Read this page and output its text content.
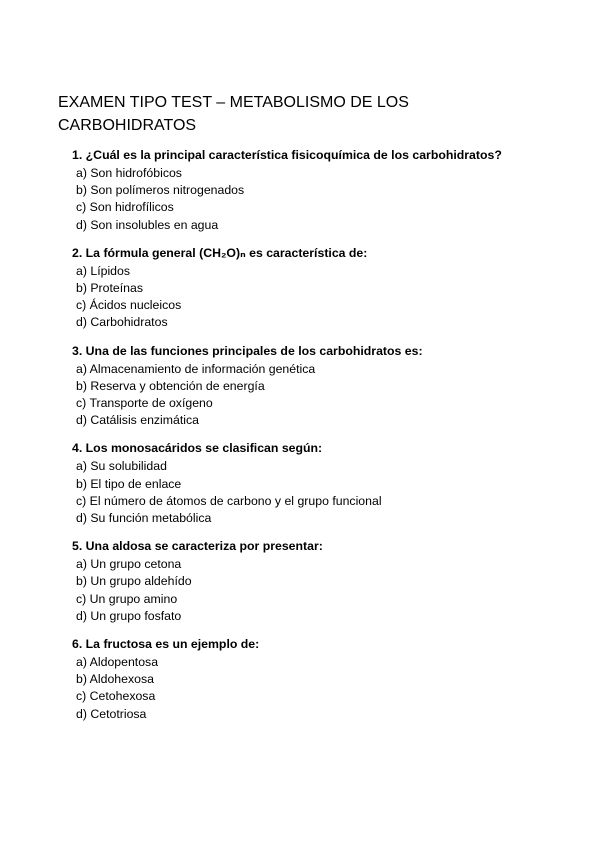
EXAMEN TIPO TEST – METABOLISMO DE LOS CARBOHIDRATOS
1. ¿Cuál es la principal característica fisicoquímica de los carbohidratos?
a) Son hidrofóbicos
b) Son polímeros nitrogenados
c) Son hidrofílicos
d) Son insolubles en agua
2. La fórmula general (CH₂O)ₙ es característica de:
a) Lípidos
b) Proteínas
c) Ácidos nucleicos
d) Carbohidratos
3. Una de las funciones principales de los carbohidratos es:
a) Almacenamiento de información genética
b) Reserva y obtención de energía
c) Transporte de oxígeno
d) Catálisis enzimática
4. Los monosacáridos se clasifican según:
a) Su solubilidad
b) El tipo de enlace
c) El número de átomos de carbono y el grupo funcional
d) Su función metabólica
5. Una aldosa se caracteriza por presentar:
a) Un grupo cetona
b) Un grupo aldehído
c) Un grupo amino
d) Un grupo fosfato
6. La fructosa es un ejemplo de:
a) Aldopentosa
b) Aldohexosa
c) Cetohexosa
d) Cetotriosa
